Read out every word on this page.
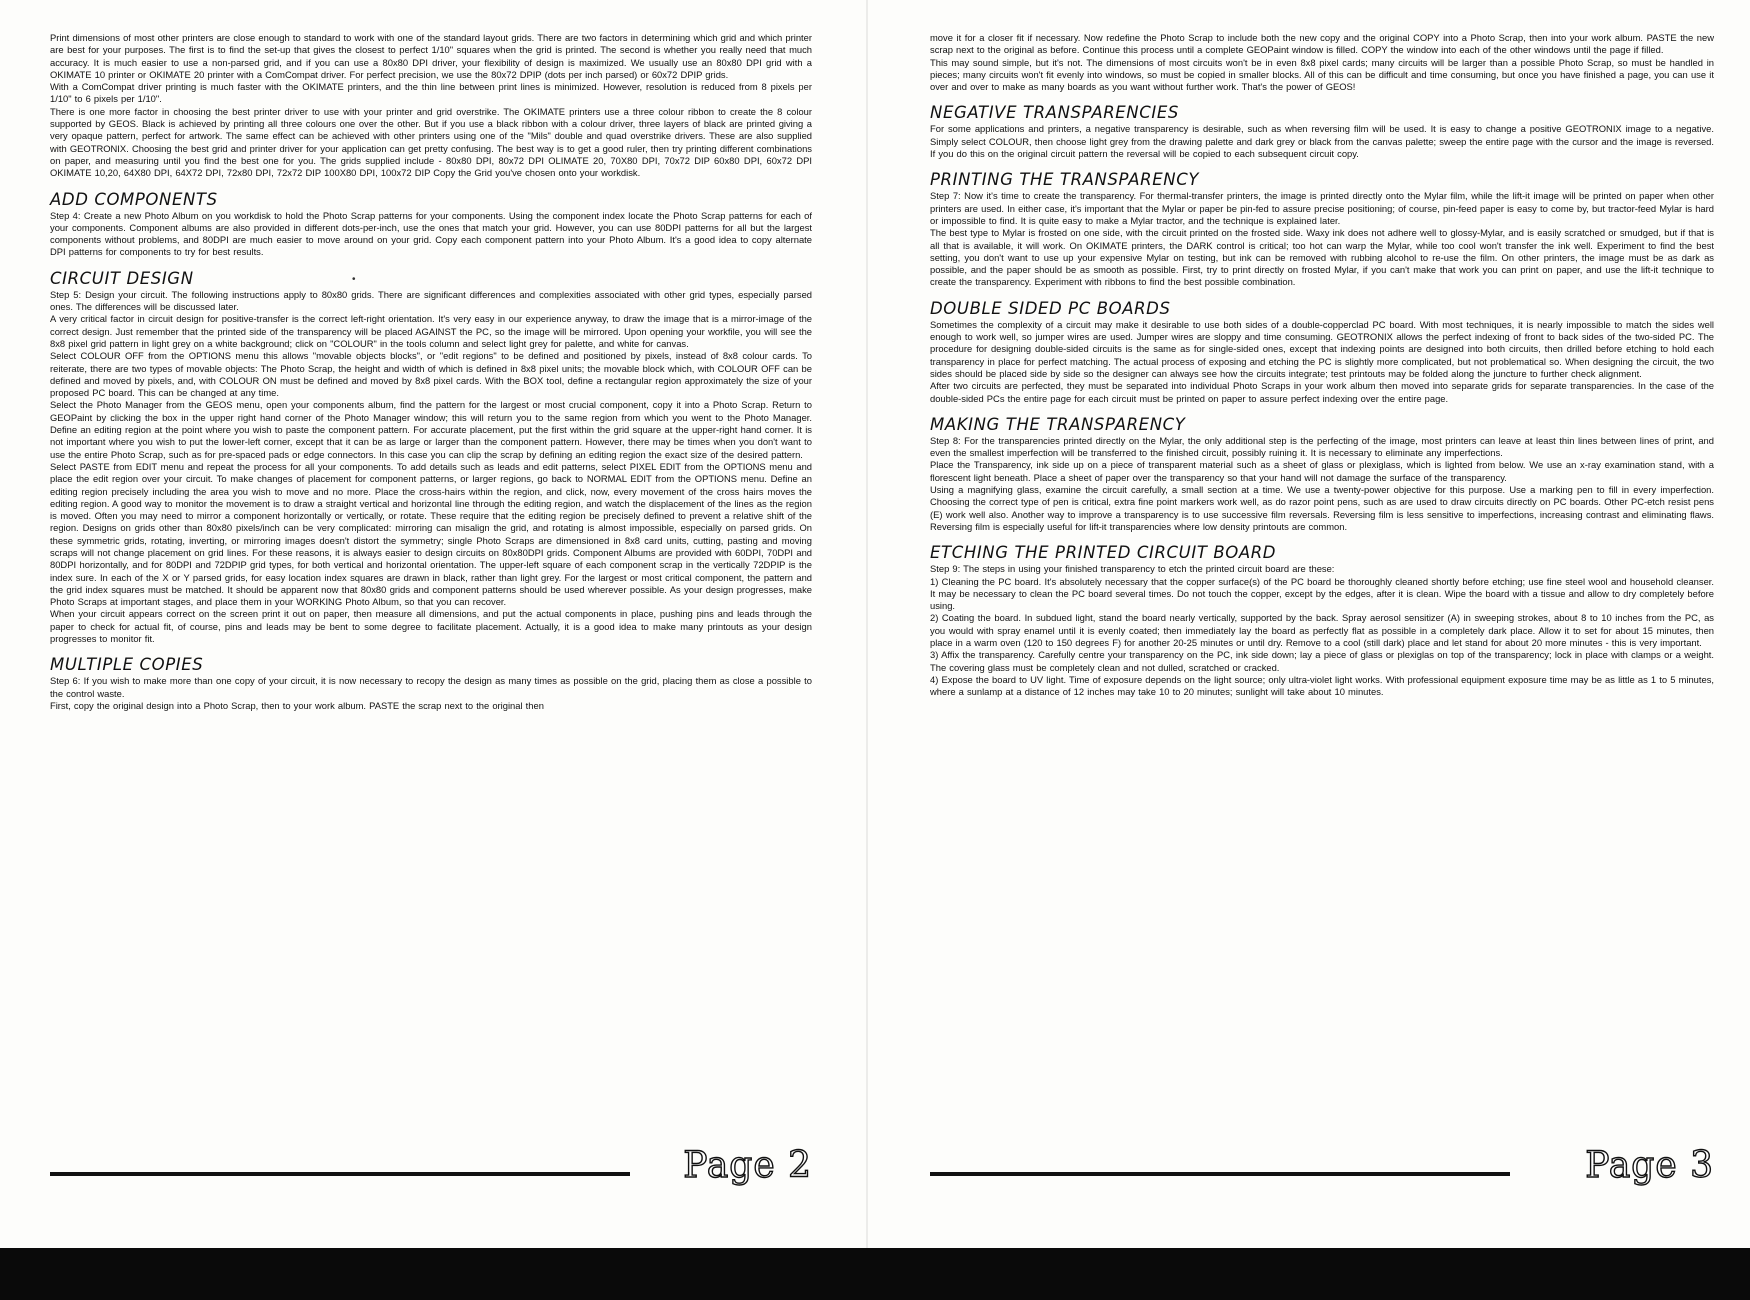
Print dimensions of most other printers are close enough to standard to work with one of the standard layout grids. There are two factors in determining which grid and which printer are best for your purposes. The first is to find the set-up that gives the closest to perfect 1/10" squares when the grid is printed. The second is whether you really need that much accuracy. It is much easier to use a non-parsed grid, and if you can use a 80x80 DPI driver, your flexibility of design is maximized. We usually use an 80x80 DPI grid with a OKIMATE 10 printer or OKIMATE 20 printer with a ComCompat driver. For perfect precision, we use the 80x72 DPIP (dots per inch parsed) or 60x72 DPIP grids.

With a ComCompat driver printing is much faster with the OKIMATE printers, and the thin line between print lines is minimized. However, resolution is reduced from 8 pixels per 1/10" to 6 pixels per 1/10".

There is one more factor in choosing the best printer driver to use with your printer and grid overstrike. The OKIMATE printers use a three colour ribbon to create the 8 colour supported by GEOS. Black is achieved by printing all three colours one over the other. But if you use a black ribbon with a colour driver, three layers of black are printed giving a very opaque pattern, perfect for artwork. The same effect can be achieved with other printers using one of the "Mils" double and quad overstrike drivers. These are also supplied with GEOTRONIX. Choosing the best grid and printer driver for your application can get pretty confusing. The best way is to get a good ruler, then try printing different combinations on paper, and measuring until you find the best one for you. The grids supplied include - 80x80 DPI, 80x72 DPI OLIMATE 20, 70X80 DPI, 70x72 DIP 60x80 DPI, 60x72 DPI OKIMATE 10,20, 64X80 DPI, 64X72 DPI, 72x80 DPI, 72x72 DIP 100X80 DPI, 100x72 DIP Copy the Grid you've chosen onto your workdisk.

ADD COMPONENTS

Step 4: Create a new Photo Album on you workdisk to hold the Photo Scrap patterns for your components. Using the component index locate the Photo Scrap patterns for each of your components. Component albums are also provided in different dots-per-inch, use the ones that match your grid. However, you can use 80DPI patterns for all but the largest components without problems, and 80DPI are much easier to move around on your grid. Copy each component pattern into your Photo Album. It's a good idea to copy alternate DPI patterns for components to try for best results.

CIRCUIT DESIGN

Step 5: Design your circuit. The following instructions apply to 80x80 grids. There are significant differences and complexities associated with other grid types, especially parsed ones. The differences will be discussed later.

A very critical factor in circuit design for positive-transfer is the correct left-right orientation. It's very easy in our experience anyway, to draw the image that is a mirror-image of the correct design. Just remember that the printed side of the transparency will be placed AGAINST the PC, so the image will be mirrored. Upon opening your workfile, you will see the 8x8 pixel grid pattern in light grey on a white background; click on "COLOUR" in the tools column and select light grey for palette, and white for canvas.

Select COLOUR OFF from the OPTIONS menu this allows "movable objects blocks", or "edit regions" to be defined and positioned by pixels, instead of 8x8 colour cards. To reiterate, there are two types of movable objects: The Photo Scrap, the height and width of which is defined in 8x8 pixel units; the movable block which, with COLOUR OFF can be defined and moved by pixels, and, with COLOUR ON must be defined and moved by 8x8 pixel cards. With the BOX tool, define a rectangular region approximately the size of your proposed PC board. This can be changed at any time.

Select the Photo Manager from the GEOS menu, open your components album, find the pattern for the largest or most crucial component, copy it into a Photo Scrap. Return to GEOPaint by clicking the box in the upper right hand corner of the Photo Manager window; this will return you to the same region from which you went to the Photo Manager. Define an editing region at the point where you wish to paste the component pattern. For accurate placement, put the first within the grid square at the upper-right hand corner. It is not important where you wish to put the lower-left corner, except that it can be as large or larger than the component pattern. However, there may be times when you don't want to use the entire Photo Scrap, such as for pre-spaced pads or edge connectors. In this case you can clip the scrap by defining an editing region the exact size of the desired pattern.

Select PASTE from EDIT menu and repeat the process for all your components. To add details such as leads and edit patterns, select PIXEL EDIT from the OPTIONS menu and place the edit region over your circuit. To make changes of placement for component patterns, or larger regions, go back to NORMAL EDIT from the OPTIONS menu. Define an editing region precisely including the area you wish to move and no more. Place the cross-hairs within the region, and click, now, every movement of the cross hairs moves the editing region. A good way to monitor the movement is to draw a straight vertical and horizontal line through the editing region, and watch the displacement of the lines as the region is moved. Often you may need to mirror a component horizontally or vertically, or rotate. These require that the editing region be precisely defined to prevent a relative shift of the region. Designs on grids other than 80x80 pixels/inch can be very complicated: mirroring can misalign the grid, and rotating is almost impossible, especially on parsed grids. On these symmetric grids, rotating, inverting, or mirroring images doesn't distort the symmetry; single Photo Scraps are dimensioned in 8x8 card units, cutting, pasting and moving scraps will not change placement on grid lines. For these reasons, it is always easier to design circuits on 80x80DPI grids. Component Albums are provided with 60DPI, 70DPI and 80DPI horizontally, and for 80DPI and 72DPIP grid types, for both vertical and horizontal orientation. The upper-left square of each component scrap in the vertically 72DPIP is the index sure. In each of the X or Y parsed grids, for easy location index squares are drawn in black, rather than light grey. For the largest or most critical component, the pattern and the grid index squares must be matched. It should be apparent now that 80x80 grids and component patterns should be used wherever possible. As your design progresses, make Photo Scraps at important stages, and place them in your WORKING Photo Album, so that you can recover.

When your circuit appears correct on the screen print it out on paper, then measure all dimensions, and put the actual components in place, pushing pins and leads through the paper to check for actual fit, of course, pins and leads may be bent to some degree to facilitate placement. Actually, it is a good idea to make many printouts as your design progresses to monitor fit.

MULTIPLE COPIES

Step 6: If you wish to make more than one copy of your circuit, it is now necessary to recopy the design as many times as possible on the grid, placing them as close a possible to the control waste.

First, copy the original design into a Photo Scrap, then to your work album. PASTE the scrap next to the original then

Page 2
•

move it for a closer fit if necessary. Now redefine the Photo Scrap to include both the new copy and the original COPY into a Photo Scrap, then into your work album. PASTE the new scrap next to the original as before. Continue this process until a complete GEOPaint window is filled. COPY the window into each of the other windows until the page if filled.

This may sound simple, but it's not. The dimensions of most circuits won't be in even 8x8 pixel cards; many circuits will be larger than a possible Photo Scrap, so must be handled in pieces; many circuits won't fit evenly into windows, so must be copied in smaller blocks. All of this can be difficult and time consuming, but once you have finished a page, you can use it over and over to make as many boards as you want without further work. That's the power of GEOS!

NEGATIVE TRANSPARENCIES

For some applications and printers, a negative transparency is desirable, such as when reversing film will be used. It is easy to change a positive GEOTRONIX image to a negative. Simply select COLOUR, then choose light grey from the drawing palette and dark grey or black from the canvas palette; sweep the entire page with the cursor and the image is reversed. If you do this on the original circuit pattern the reversal will be copied to each subsequent circuit copy.

PRINTING THE TRANSPARENCY

Step 7: Now it's time to create the transparency. For thermal-transfer printers, the image is printed directly onto the Mylar film, while the lift-it image will be printed on paper when other printers are used. In either case, it's important that the Mylar or paper be pin-fed to assure precise positioning; of course, pin-feed paper is easy to come by, but tractor-feed Mylar is hard or impossible to find. It is quite easy to make a Mylar tractor, and the technique is explained later.

The best type to Mylar is frosted on one side, with the circuit printed on the frosted side. Waxy ink does not adhere well to glossy-Mylar, and is easily scratched or smudged, but if that is all that is available, it will work. On OKIMATE printers, the DARK control is critical; too hot can warp the Mylar, while too cool won't transfer the ink well. Experiment to find the best setting, you don't want to use up your expensive Mylar on testing, but ink can be removed with rubbing alcohol to re-use the film. On other printers, the image must be as dark as possible, and the paper should be as smooth as possible. First, try to print directly on frosted Mylar, if you can't make that work you can print on paper, and use the lift-it technique to create the transparency. Experiment with ribbons to find the best possible combination.

DOUBLE SIDED PC BOARDS

Sometimes the complexity of a circuit may make it desirable to use both sides of a double-copperclad PC board. With most techniques, it is nearly impossible to match the sides well enough to work well, so jumper wires are used. Jumper wires are sloppy and time consuming. GEOTRONIX allows the perfect indexing of front to back sides of the two-sided PC. The procedure for designing double-sided circuits is the same as for single-sided ones, except that indexing points are designed into both circuits, then drilled before etching to hold each transparency in place for perfect matching. The actual process of exposing and etching the PC is slightly more complicated, but not problematical so. When designing the circuit, the two sides should be placed side by side so the designer can always see how the circuits integrate; test printouts may be folded along the juncture to further check alignment.

After two circuits are perfected, they must be separated into individual Photo Scraps in your work album then moved into separate grids for separate transparencies. In the case of the double-sided PCs the entire page for each circuit must be printed on paper to assure perfect indexing over the entire page.

MAKING THE TRANSPARENCY

Step 8: For the transparencies printed directly on the Mylar, the only additional step is the perfecting of the image, most printers can leave at least thin lines between lines of print, and even the smallest imperfection will be transferred to the finished circuit, possibly ruining it. It is necessary to eliminate any imperfections.

Place the Transparency, ink side up on a piece of transparent material such as a sheet of glass or plexiglass, which is lighted from below. We use an x-ray examination stand, with a florescent light beneath. Place a sheet of paper over the transparency so that your hand will not damage the surface of the transparency.

Using a magnifying glass, examine the circuit carefully, a small section at a time. We use a twenty-power objective for this purpose. Use a marking pen to fill in every imperfection. Choosing the correct type of pen is critical, extra fine point markers work well, as do razor point pens, such as are used to draw circuits directly on PC boards. Other PC-etch resist pens (E) work well also. Another way to improve a transparency is to use successive film reversals. Reversing film is less sensitive to imperfections, increasing contrast and eliminating flaws. Reversing film is especially useful for lift-it transparencies where low density printouts are common.

ETCHING THE PRINTED CIRCUIT BOARD

Step 9: The steps in using your finished transparency to etch the printed circuit board are these:

1) Cleaning the PC board. It's absolutely necessary that the copper surface(s) of the PC board be thoroughly cleaned shortly before etching; use fine steel wool and household cleanser. It may be necessary to clean the PC board several times. Do not touch the copper, except by the edges, after it is clean. Wipe the board with a tissue and allow to dry completely before using.

2) Coating the board. In subdued light, stand the board nearly vertically, supported by the back. Spray aerosol sensitizer (A) in sweeping strokes, about 8 to 10 inches from the PC, as you would with spray enamel until it is evenly coated; then immediately lay the board as perfectly flat as possible in a completely dark place. Allow it to set for about 15 minutes, then place in a warm oven (120 to 150 degrees F) for another 20-25 minutes or until dry. Remove to a cool (still dark) place and let stand for about 20 more minutes - this is very important.

3) Affix the transparency. Carefully centre your transparency on the PC, ink side down; lay a piece of glass or plexiglas on top of the transparency; lock in place with clamps or a weight. The covering glass must be completely clean and not dulled, scratched or cracked.

4) Expose the board to UV light. Time of exposure depends on the light source; only ultra-violet light works. With professional equipment exposure time may be as little as 1 to 5 minutes, where a sunlamp at a distance of 12 inches may take 10 to 20 minutes; sunlight will take about 10 minutes.

Page 3
